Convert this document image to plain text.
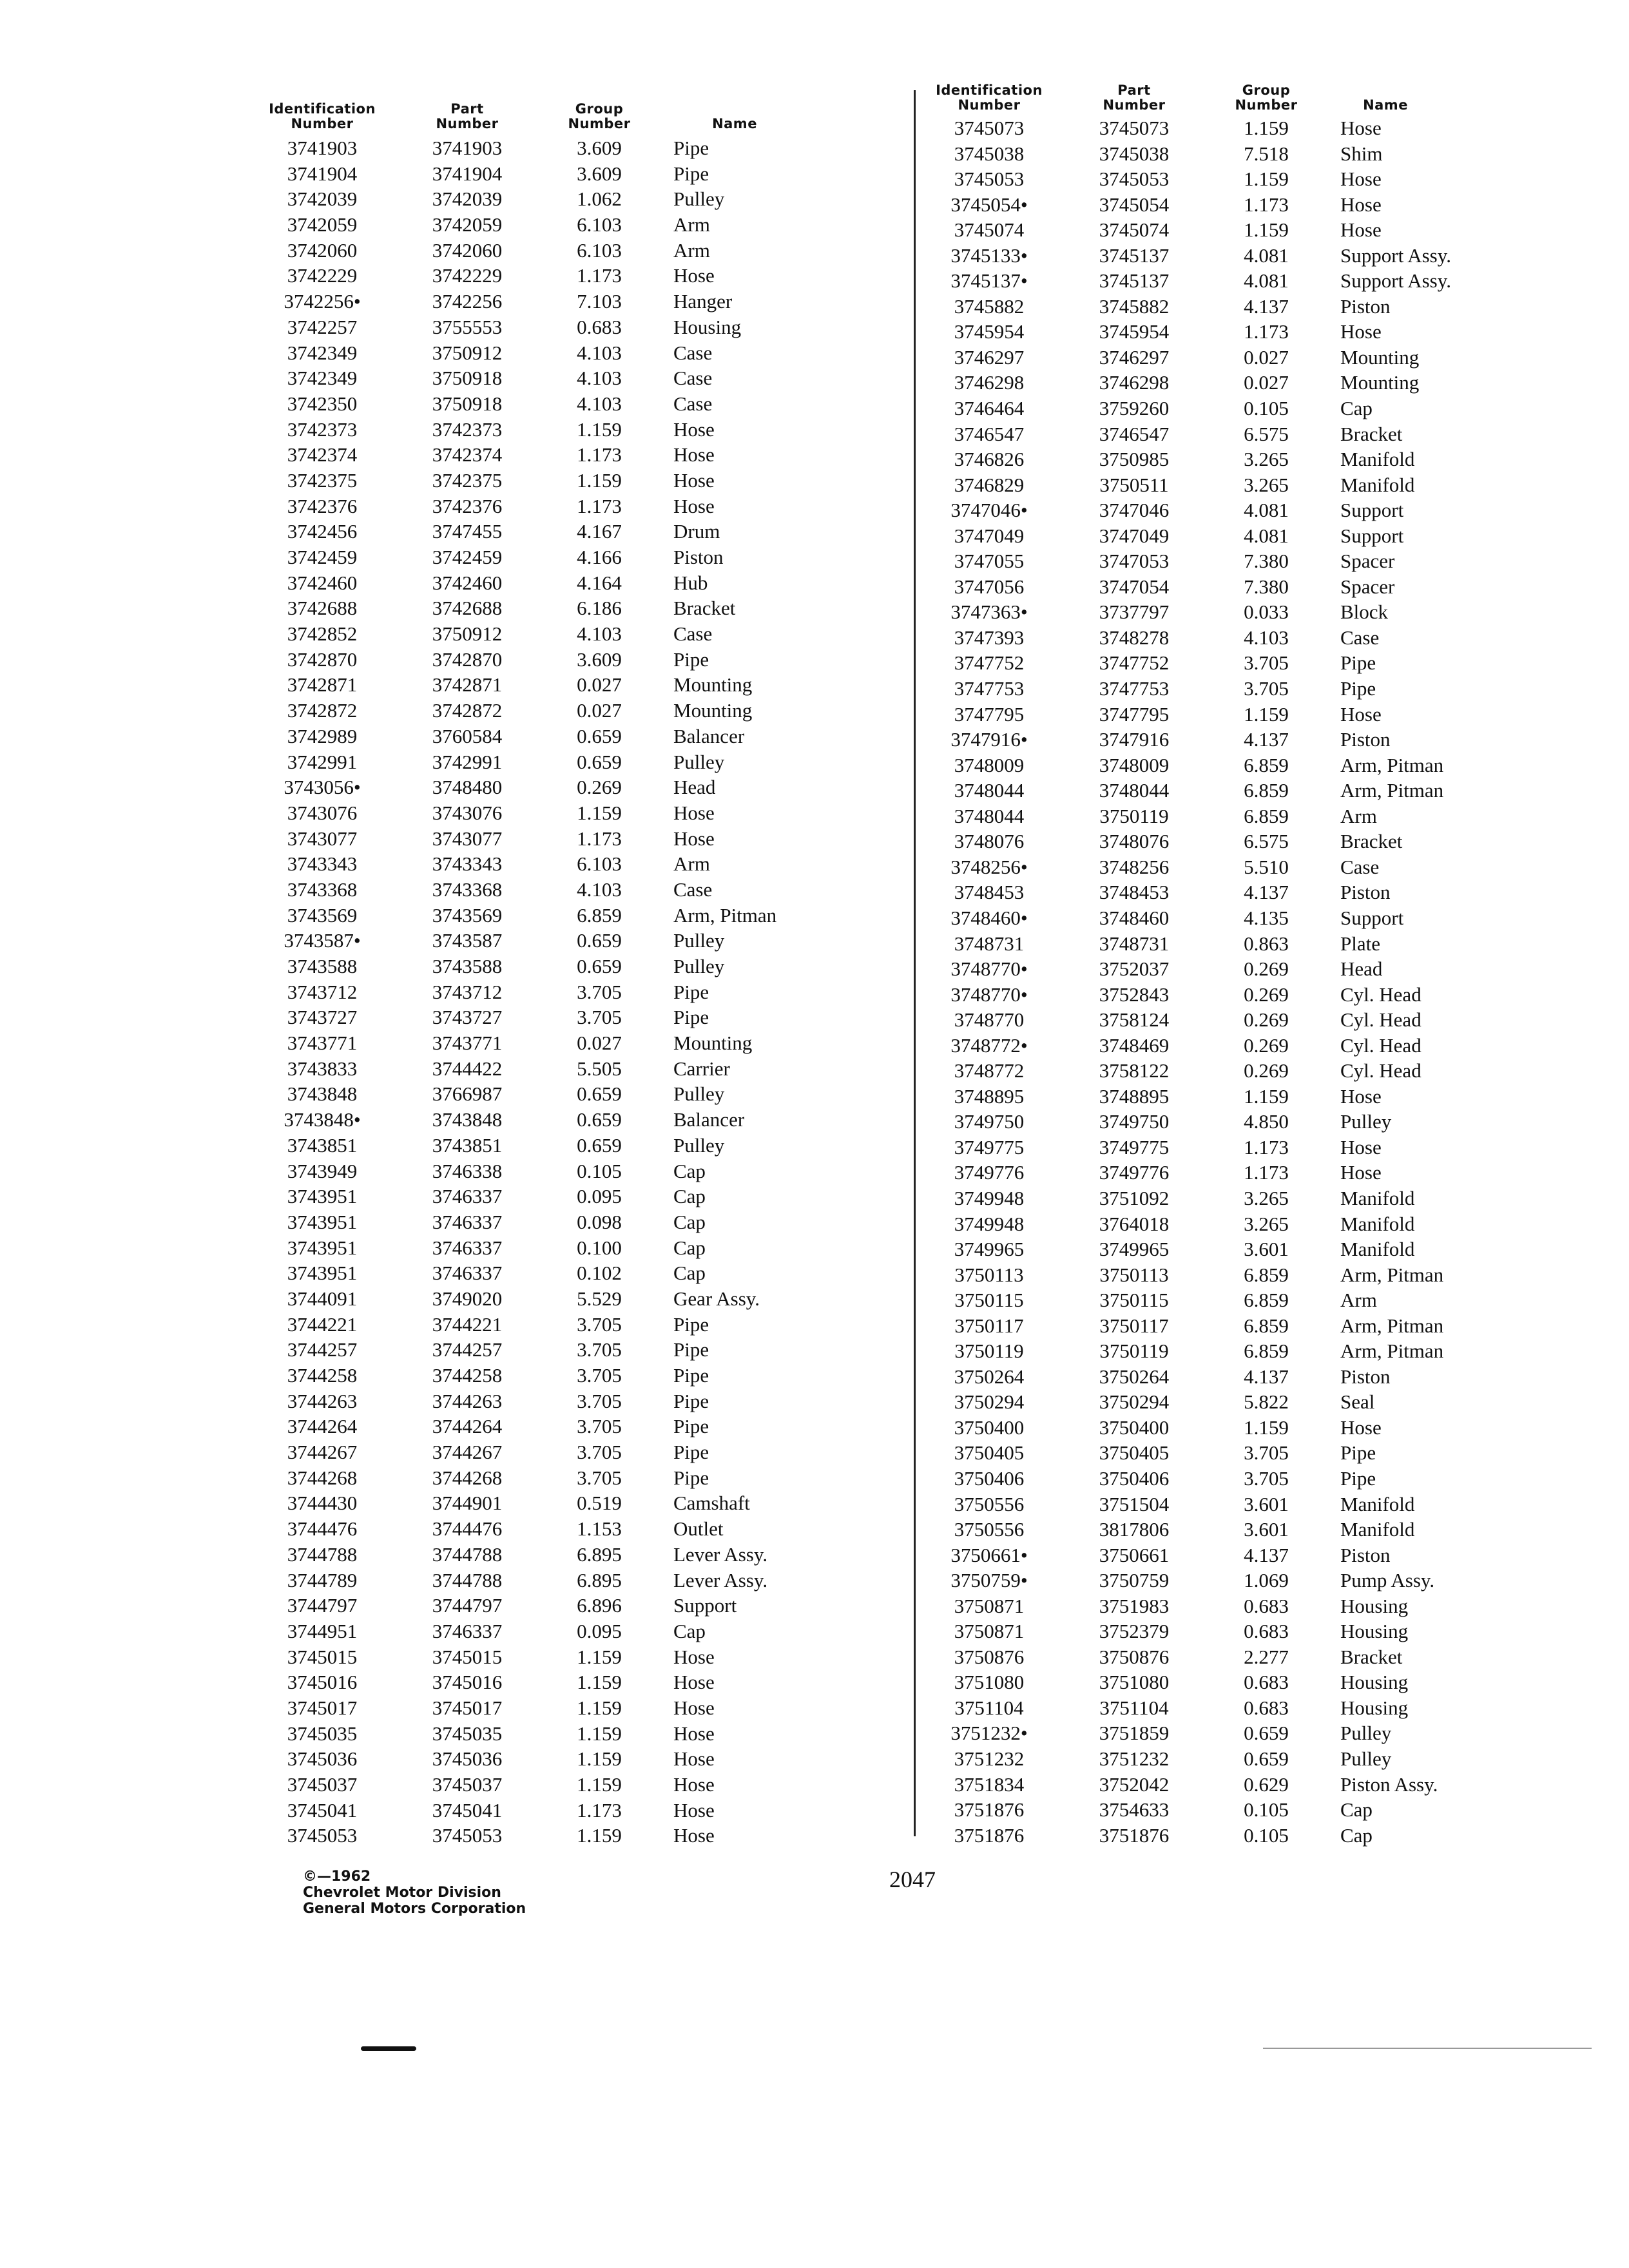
Identification
Number
Part
Number
Group
Number	Name
3741903	3741903	3.609	Pipe
3741904	3741904	3.609	Pipe
3742039	3742039	1.062	Pulley
3742059	3742059	6.103	Arm
3742060	3742060	6.103	Arm
3742229	3742229	1.173	Hose
3742256•	3742256	7.103	Hanger
3742257	3755553	0.683	Housing
3742349	3750912	4.103	Case
3742349	3750918	4.103	Case
3742350	3750918	4.103	Case
3742373	3742373	1.159	Hose
3742374	3742374	1.173	Hose
3742375	3742375	1.159	Hose
3742376	3742376	1.173	Hose
3742456	3747455	4.167	Drum
3742459	3742459	4.166	Piston
3742460	3742460	4.164	Hub
3742688	3742688	6.186	Bracket
3742852	3750912	4.103	Case
3742870	3742870	3.609	Pipe
3742871	3742871	0.027	Mounting
3742872	3742872	0.027	Mounting
3742989	3760584	0.659	Balancer
3742991	3742991	0.659	Pulley
3743056•	3748480	0.269	Head
3743076	3743076	1.159	Hose
3743077	3743077	1.173	Hose
3743343	3743343	6.103	Arm
3743368	3743368	4.103	Case
3743569	3743569	6.859	Arm, Pitman
3743587•	3743587	0.659	Pulley
3743588	3743588	0.659	Pulley
3743712	3743712	3.705	Pipe
3743727	3743727	3.705	Pipe
3743771	3743771	0.027	Mounting
3743833	3744422	5.505	Carrier
3743848	3766987	0.659	Pulley
3743848•	3743848	0.659	Balancer
3743851	3743851	0.659	Pulley
3743949	3746338	0.105	Cap
3743951	3746337	0.095	Cap
3743951	3746337	0.098	Cap
3743951	3746337	0.100	Cap
3743951	3746337	0.102	Cap
3744091	3749020	5.529	Gear Assy.
3744221	3744221	3.705	Pipe
3744257	3744257	3.705	Pipe
3744258	3744258	3.705	Pipe
3744263	3744263	3.705	Pipe
3744264	3744264	3.705	Pipe
3744267	3744267	3.705	Pipe
3744268	3744268	3.705	Pipe
3744430	3744901	0.519	Camshaft
3744476	3744476	1.153	Outlet
3744788	3744788	6.895	Lever Assy.
3744789	3744788	6.895	Lever Assy.
3744797	3744797	6.896	Support
3744951	3746337	0.095	Cap
3745015	3745015	1.159	Hose
3745016	3745016	1.159	Hose
3745017	3745017	1.159	Hose
3745035	3745035	1.159	Hose
3745036	3745036	1.159	Hose
3745037	3745037	1.159	Hose
3745041	3745041	1.173	Hose
3745053	3745053	1.159	Hose
Identification
Number
Part
Number
Group
Number	Name
3745073	3745073	1.159	Hose
3745038	3745038	7.518	Shim
3745053	3745053	1.159	Hose
3745054•	3745054	1.173	Hose
3745074	3745074	1.159	Hose
3745133•	3745137	4.081	Support Assy.
3745137•	3745137	4.081	Support Assy.
3745882	3745882	4.137	Piston
3745954	3745954	1.173	Hose
3746297	3746297	0.027	Mounting
3746298	3746298	0.027	Mounting
3746464	3759260	0.105	Cap
3746547	3746547	6.575	Bracket
3746826	3750985	3.265	Manifold
3746829	3750511	3.265	Manifold
3747046•	3747046	4.081	Support
3747049	3747049	4.081	Support
3747055	3747053	7.380	Spacer
3747056	3747054	7.380	Spacer
3747363•	3737797	0.033	Block
3747393	3748278	4.103	Case
3747752	3747752	3.705	Pipe
3747753	3747753	3.705	Pipe
3747795	3747795	1.159	Hose
3747916•	3747916	4.137	Piston
3748009	3748009	6.859	Arm, Pitman
3748044	3748044	6.859	Arm, Pitman
3748044	3750119	6.859	Arm
3748076	3748076	6.575	Bracket
3748256•	3748256	5.510	Case
3748453	3748453	4.137	Piston
3748460•	3748460	4.135	Support
3748731	3748731	0.863	Plate
3748770•	3752037	0.269	Head
3748770•	3752843	0.269	Cyl. Head
3748770	3758124	0.269	Cyl. Head
3748772•	3748469	0.269	Cyl. Head
3748772	3758122	0.269	Cyl. Head
3748895	3748895	1.159	Hose
3749750	3749750	4.850	Pulley
3749775	3749775	1.173	Hose
3749776	3749776	1.173	Hose
3749948	3751092	3.265	Manifold
3749948	3764018	3.265	Manifold
3749965	3749965	3.601	Manifold
3750113	3750113	6.859	Arm, Pitman
3750115	3750115	6.859	Arm
3750117	3750117	6.859	Arm, Pitman
3750119	3750119	6.859	Arm, Pitman
3750264	3750264	4.137	Piston
3750294	3750294	5.822	Seal
3750400	3750400	1.159	Hose
3750405	3750405	3.705	Pipe
3750406	3750406	3.705	Pipe
3750556	3751504	3.601	Manifold
3750556	3817806	3.601	Manifold
3750661•	3750661	4.137	Piston
3750759•	3750759	1.069	Pump Assy.
3750871	3751983	0.683	Housing
3750871	3752379	0.683	Housing
3750876	3750876	2.277	Bracket
3751080	3751080	0.683	Housing
3751104	3751104	0.683	Housing
3751232•	3751859	0.659	Pulley
3751232	3751232	0.659	Pulley
3751834	3752042	0.629	Piston Assy.
3751876	3754633	0.105	Cap
3751876	3751876	0.105	Cap
©—1962
Chevrolet Motor Division
General Motors Corporation
2047
